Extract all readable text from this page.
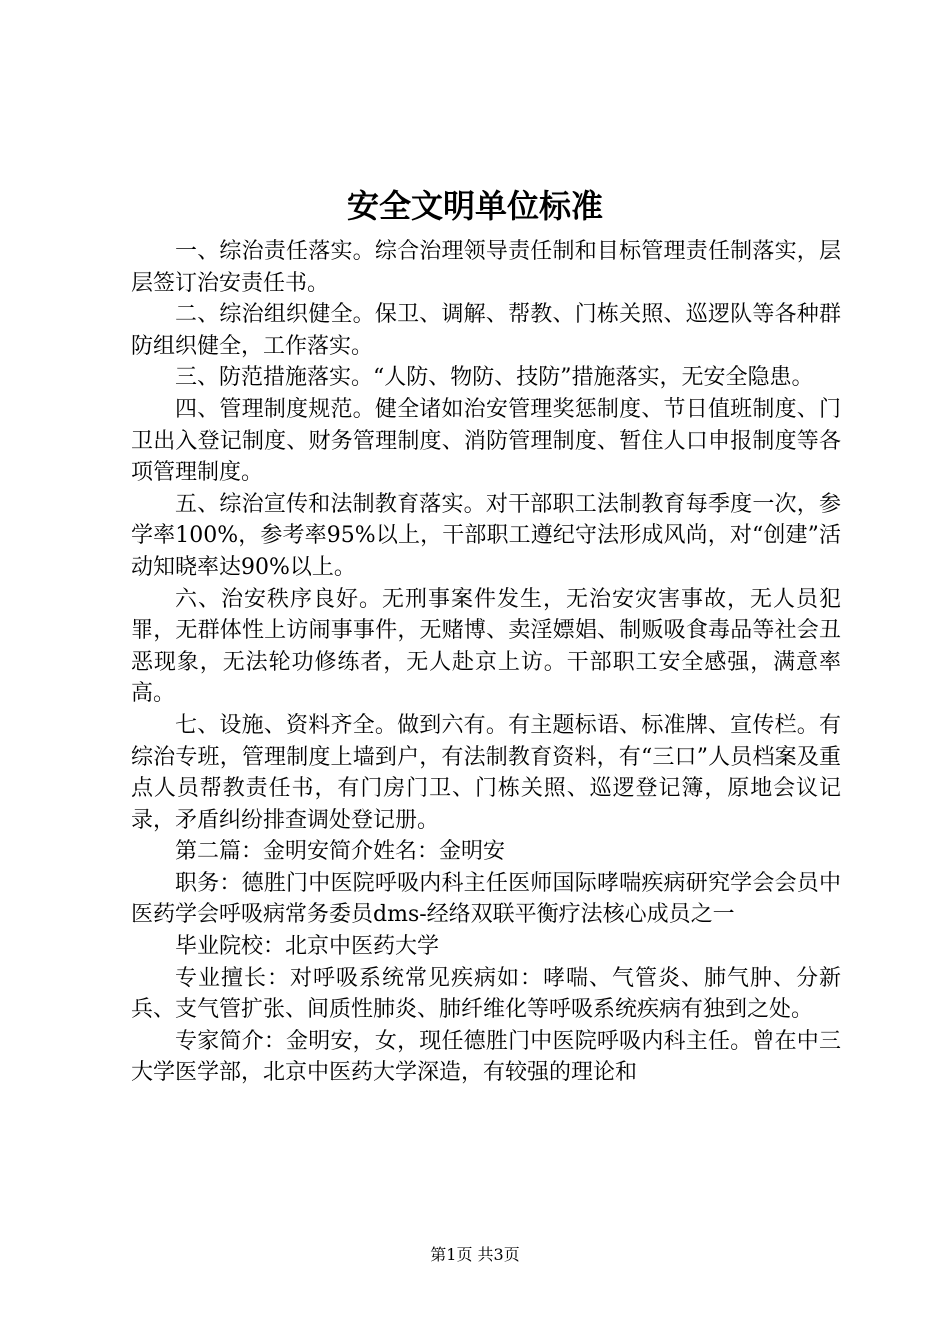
安全文明单位标准

一、综治责任落实。综合治理领导责任制和目标管理责任制落实，层层签订治安责任书。

二、综治组织健全。保卫、调解、帮教、门栋关照、巡逻队等各种群防组织健全，工作落实。

三、防范措施落实。“人防、物防、技防”措施落实，无安全隐患。

四、管理制度规范。健全诸如治安管理奖惩制度、节日值班制度、门卫出入登记制度、财务管理制度、消防管理制度、暂住人口申报制度等各项管理制度。

五、综治宣传和法制教育落实。对干部职工法制教育每季度一次，参学率100%，参考率95%以上，干部职工遵纪守法形成风尚，对“创建”活动知晓率达90%以上。

六、治安秩序良好。无刑事案件发生，无治安灾害事故，无人员犯罪，无群体性上访闹事事件，无赌博、卖淫嫖娼、制贩吸食毒品等社会丑恶现象，无法轮功修练者，无人赴京上访。干部职工安全感强，满意率高。

七、设施、资料齐全。做到六有。有主题标语、标准牌、宣传栏。有综治专班，管理制度上墙到户，有法制教育资料，有“三口”人员档案及重点人员帮教责任书，有门房门卫、门栋关照、巡逻登记簿，原地会议记录，矛盾纠纷排查调处登记册。

第二篇：金明安简介姓名：金明安

职务：德胜门中医院呼吸内科主任医师国际哮喘疾病研究学会会员中医药学会呼吸病常务委员dms-经络双联平衡疗法核心成员之一

毕业院校：北京中医药大学

专业擅长：对呼吸系统常见疾病如：哮喘、气管炎、肺气肿、分新兵、支气管扩张、间质性肺炎、肺纤维化等呼吸系统疾病有独到之处。

专家简介：金明安，女，现任德胜门中医院呼吸内科主任。曾在中三大学医学部，北京中医药大学深造，有较强的理论和

第1页 共3页
